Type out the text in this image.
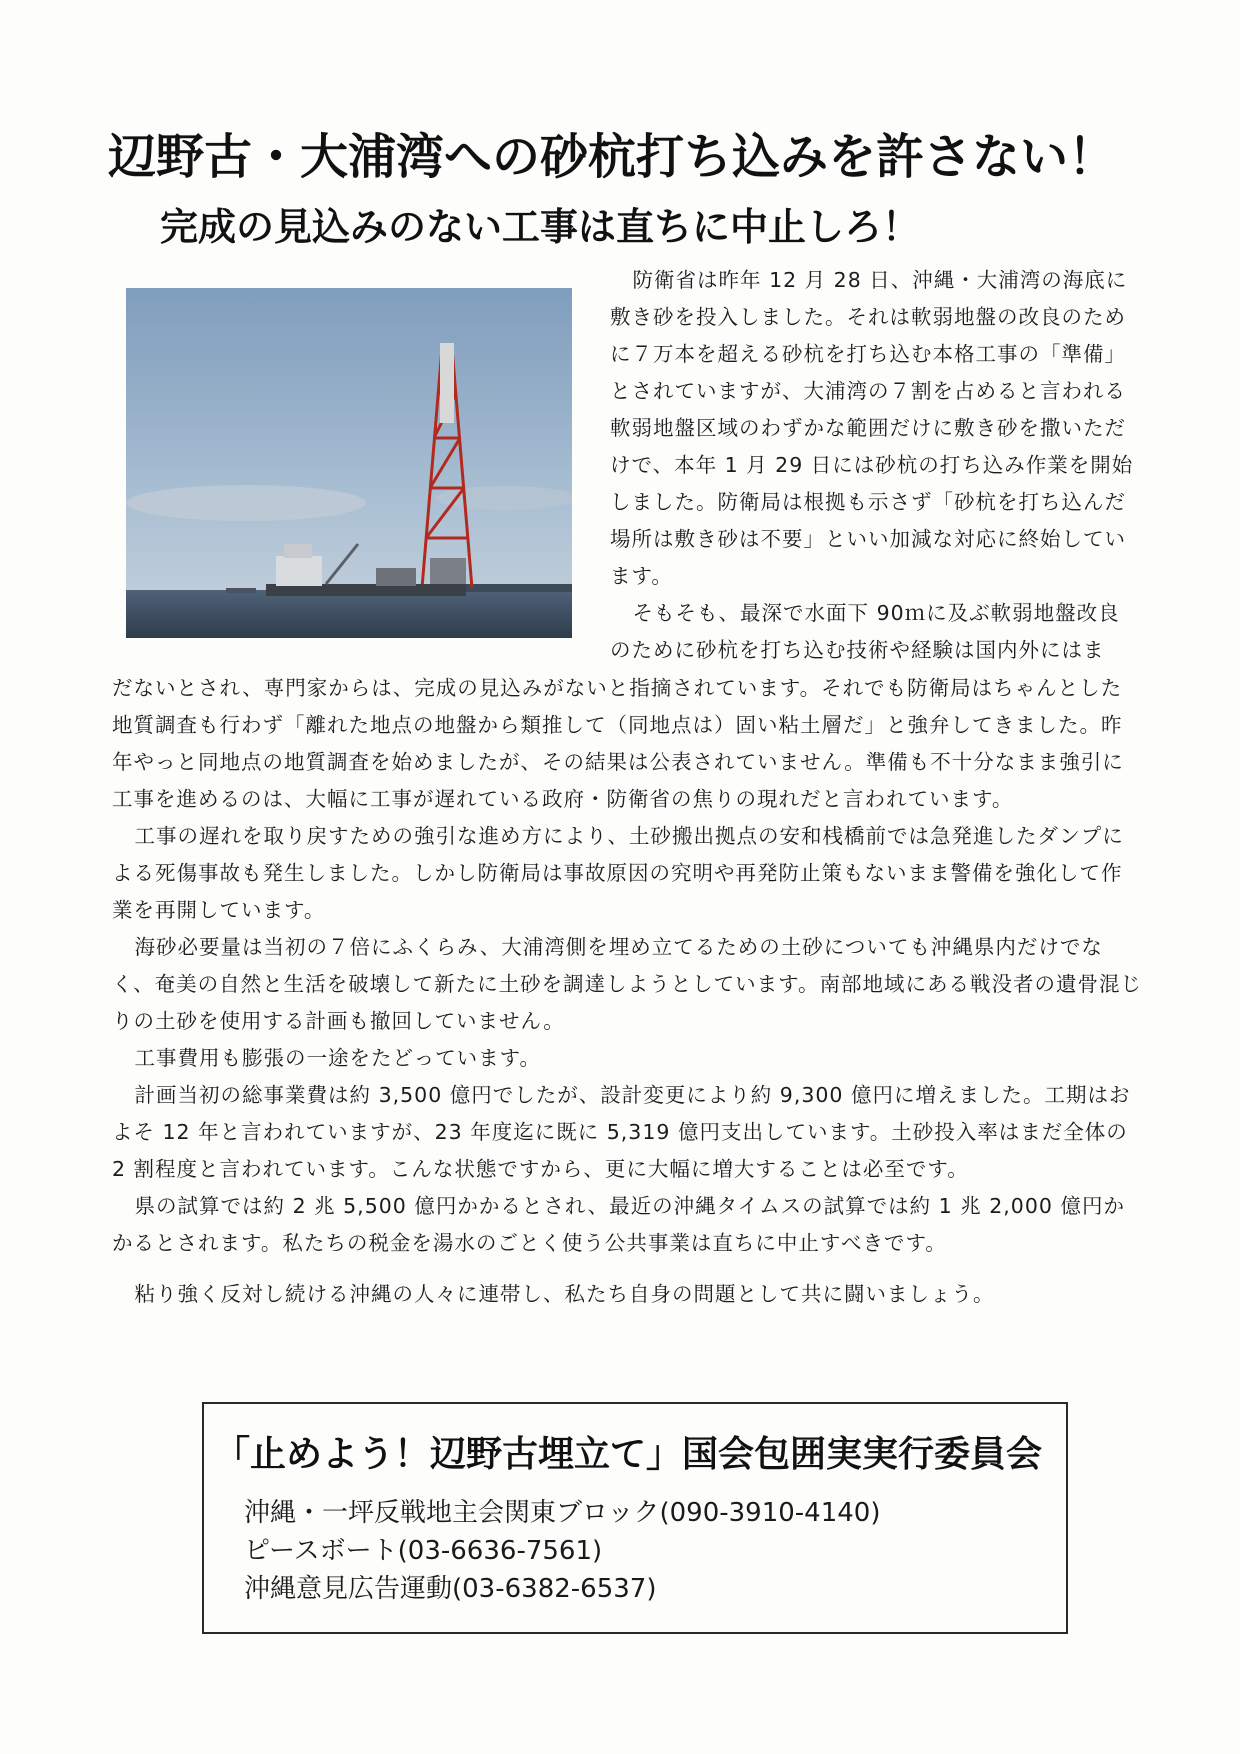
辺野古・大浦湾への砂杭打ち込みを許さない！
完成の見込みのない工事は直ちに中止しろ！

防衛省は昨年 12 月 28 日、沖縄・大浦湾の海底に敷き砂を投入しました。それは軟弱地盤の改良のために７万本を超える砂杭を打ち込む本格工事の「準備」とされていますが、大浦湾の７割を占めると言われる軟弱地盤区域のわずかな範囲だけに敷き砂を撒いただけで、本年 1 月 29 日には砂杭の打ち込み作業を開始しました。防衛局は根拠も示さず「砂杭を打ち込んだ場所は敷き砂は不要」といい加減な対応に終始しています。

そもそも、最深で水面下 90ｍに及ぶ軟弱地盤改良のために砂杭を打ち込む技術や経験は国内外にはま

だないとされ、専門家からは、完成の見込みがないと指摘されています。それでも防衛局はちゃんとした地質調査も行わず「離れた地点の地盤から類推して（同地点は）固い粘土層だ」と強弁してきました。昨年やっと同地点の地質調査を始めましたが、その結果は公表されていません。準備も不十分なまま強引に工事を進めるのは、大幅に工事が遅れている政府・防衛省の焦りの現れだと言われています。

工事の遅れを取り戻すための強引な進め方により、土砂搬出拠点の安和桟橋前では急発進したダンプによる死傷事故も発生しました。しかし防衛局は事故原因の究明や再発防止策もないまま警備を強化して作業を再開しています。

海砂必要量は当初の７倍にふくらみ、大浦湾側を埋め立てるための土砂についても沖縄県内だけでなく、奄美の自然と生活を破壊して新たに土砂を調達しようとしています。南部地域にある戦没者の遺骨混じりの土砂を使用する計画も撤回していません。

工事費用も膨張の一途をたどっています。

計画当初の総事業費は約 3,500 億円でしたが、設計変更により約 9,300 億円に増えました。工期はおよそ 12 年と言われていますが、23 年度迄に既に 5,319 億円支出しています。土砂投入率はまだ全体の 2 割程度と言われています。こんな状態ですから、更に大幅に増大することは必至です。

県の試算では約 2 兆 5,500 億円かかるとされ、最近の沖縄タイムスの試算では約 1 兆 2,000 億円かかるとされます。私たちの税金を湯水のごとく使う公共事業は直ちに中止すべきです。

粘り強く反対し続ける沖縄の人々に連帯し、私たち自身の問題として共に闘いましょう。

「止めよう！辺野古埋立て」国会包囲実実行委員会

沖縄・一坪反戦地主会関東ブロック(090-3910-4140)
ピースボート(03-6636-7561)
沖縄意見広告運動(03-6382-6537)
